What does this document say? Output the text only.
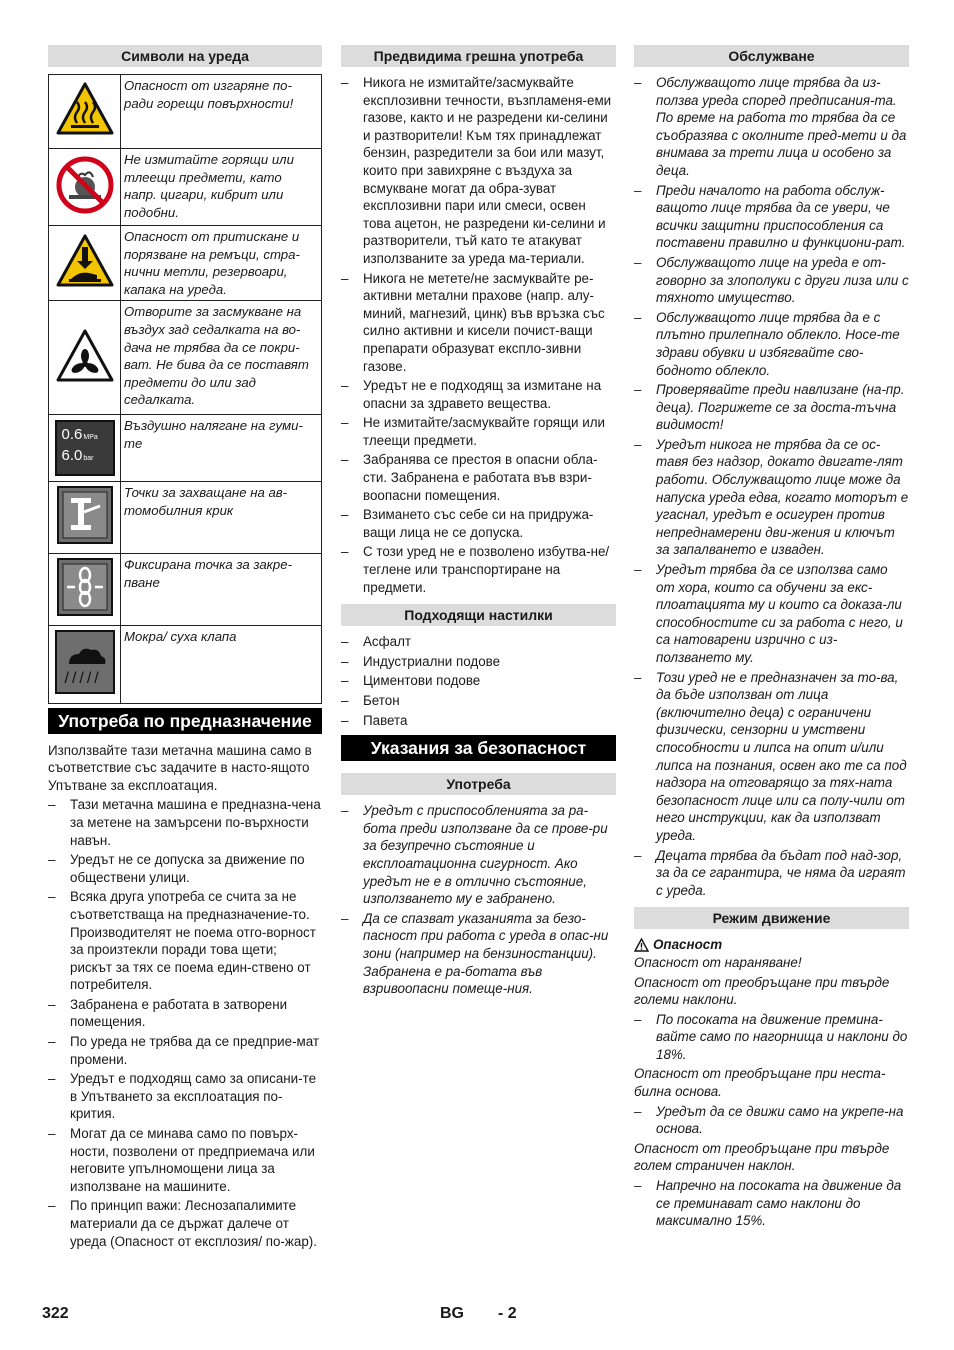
Символи на уреда
	Опасност от изгаряне по-ради горещи повърхности!
	Не измитайте горящи или тлеещи предмети, като напр. цигари, кибрит или подобни.
	Опасност от притискане и порязване на ремъци, стра-нични метли, резервоари, капака на уреда.
	Отворите за засмукване на въздух зад седалката на во-дача не трябва да се покри-ват. Не бива да се поставят предмети до или зад седалката.

0.6MPa
6.0bar	Въздушно налягане на гуми-те
	Точки за захващане на ав-томобилния крик
	Фиксирана точка за закре-пване

/////	Мокра/ суха клапа
Употреба по предназначение

Използвайте тази метачна машина само в съответствие със задачите в насто-ящото Упътване за експлоатация.

– Тази метачна машина е предназна-чена за метене на замърсени по-върхности навън.
– Уредът не се допуска за движение по обществени улици.
– Всяка друга употреба се счита за не съответстваща на предназначение-то. Производителят не поема отго-ворност за произтекли поради това щети; рискът за тях се поема един-ствено от потребителя.
– Забранена е работата в затворени помещения.
– По уреда не трябва да се предприе-мат промени.
– Уредът е подходящ само за описани-те в Упътването за експлоатация по-крития.
– Могат да се минава само по повърх-ности, позволени от предприемача или неговите упълномощени лица за използване на машините.
– По принцип важи: Леснозапалимите материали да се държат далече от уреда (Опасност от експлозия/ по-жар).
Предвидима грешна употреба
– Никога не измитайте/засмуквайте експлозивни течности, възпламеня-еми газове, както и не разредени ки-селини и разтворители! Към тях принадлежат бензин, разредители за бои или мазут, които при завихряне с въздуха за всмукване могат да обра-зуват експлозивни пари или смеси, освен това ацетон, не разредени ки-селини и разтворители, тъй като те атакуват използваните за уреда ма-териали.
– Никога не метете/не засмуквайте ре-активни метални прахове (напр. алу-миний, магнезий, цинк) във връзка със силно активни и кисели почист-ващи препарати образуват експло-зивни газове.
– Уредът не е подходящ за измитане на опасни за здравето вещества.
– Не измитайте/засмуквайте горящи или тлеещи предмети.
– Забранява се престоя в опасни обла-сти. Забранена е работата във взри-воопасни помещения.
– Взимането със себе си на придружа-ващи лица не се допуска.
– С този уред не е позволено избутва-не/теглене или транспортиране на предмети.
Подходящи настилки
– Асфалт
– Индустриални подове
– Циментови подове
– Бетон
– Павета
Указания за безопасност
Употреба
– Уредът с приспособленията за ра-бота преди използване да се прове-ри за безупречно състояние и експлоатационна сигурност. Ако уредът не е в отлично състояние, използването му е забранено.
– Да се спазват указанията за безо-пасност при работа с уреда в опас-ни зони (например на бензиностанции). Забранена е ра-ботата във взривоопасни помеще-ния.
Обслужване
– Обслужващото лице трябва да из-ползва уреда според предписания-та. По време на работа то трябва да се съобразява с околните пред-мети и да внимава за трети лица и особено за деца.
– Преди началото на работа обслуж-ващото лице трябва да се увери, че всички защитни приспособления са поставени правилно и функциони-рат.
– Обслужващото лице на уреда е от-говорно за злополуки с други лиза или с тяхното имущество.
– Обслужващото лице трябва да е с плътно прилепнало облекло. Носе-те здрави обувки и избягвайте сво-бодното облекло.
– Проверявайте преди навлизане (на-пр. деца). Погрижете се за доста-тъчна видимост!
– Уредът никога не трябва да се ос-тавя без надзор, докато двигате-лят работи. Обслужващото лице може да напуска уреда едва, когато моторът е угаснал, уредът е осигурен против непреднамерени дви-жения и ключът за запалването е изваден.
– Уредът трябва да се използва само от хора, които са обучени за екс-плоатацията му и които са доказа-ли способностите си за работа с него, и са натоварени изрично с из-ползването му.
– Този уред не е предназначен за то-ва, да бъде използван от лица (включително деца) с ограничени физически, сензорни и умствени способности и липса на опит и/или липса на познания, освен ако те са под надзора на отговарящо за тях-ната безопасност лице или са полу-чили от него инструкции, как да използват уреда.
– Децата трябва да бъдат под над-зор, за да се гарантира, че няма да играят с уреда.
Режим движение
Опасност

Опасност от нараняване!

Опасност от преобръщане при твърде големи наклони.

– По посоката на движение премина-вайте само по нагорнища и наклони до 18%.

Опасност от преобръщане при неста-билна основа.

– Уредът да се движи само на укрепе-на основа.

Опасност от преобръщане при твърде голем страничен наклон.

– Напречно на посоката на движение да се преминават само наклони до максимално 15%.
322	BG - 2
